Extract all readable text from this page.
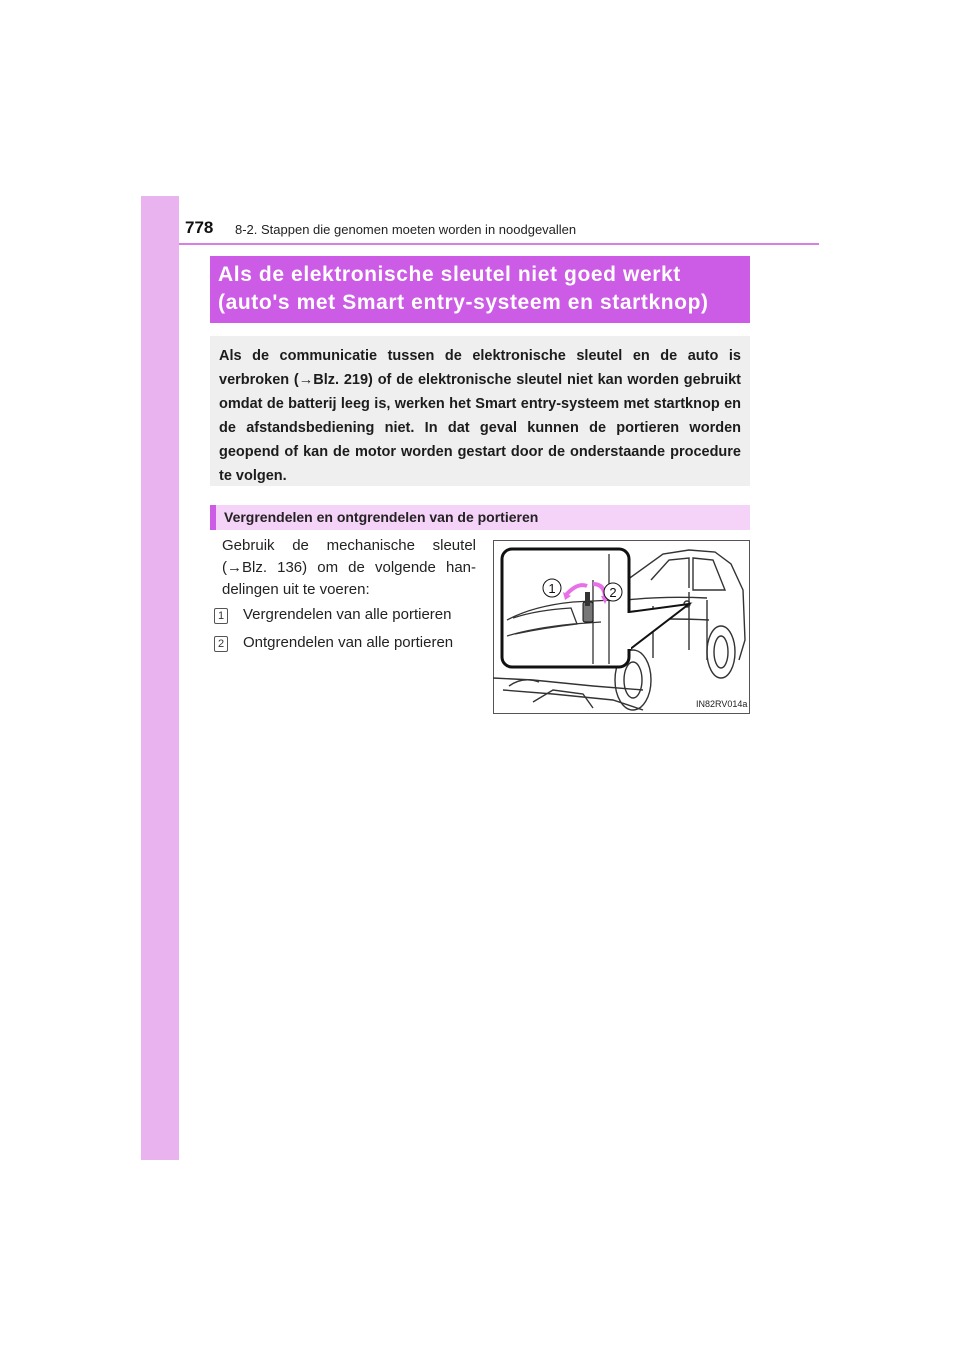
778 8-2. Stappen die genomen moeten worden in noodgevallen
Als de elektronische sleutel niet goed werkt
(auto's met Smart entry-systeem en startknop)

Als de communicatie tussen de elektronische sleutel en de auto is verbroken (→Blz. 219) of de elektronische sleutel niet kan worden gebruikt omdat de batterij leeg is, werken het Smart entry-systeem met startknop en de afstandsbediening niet. In dat geval kunnen de portieren worden geopend of kan de motor worden gestart door de onderstaande procedure te volgen.

Vergrendelen en ontgrendelen van de portieren

Gebruik de mechanische sleutel (→Blz. 136) om de volgende han-delingen uit te voeren:

1 Vergrendelen van alle portieren
2 Ontgrendelen van alle portieren
1	2
IN82RV014a
